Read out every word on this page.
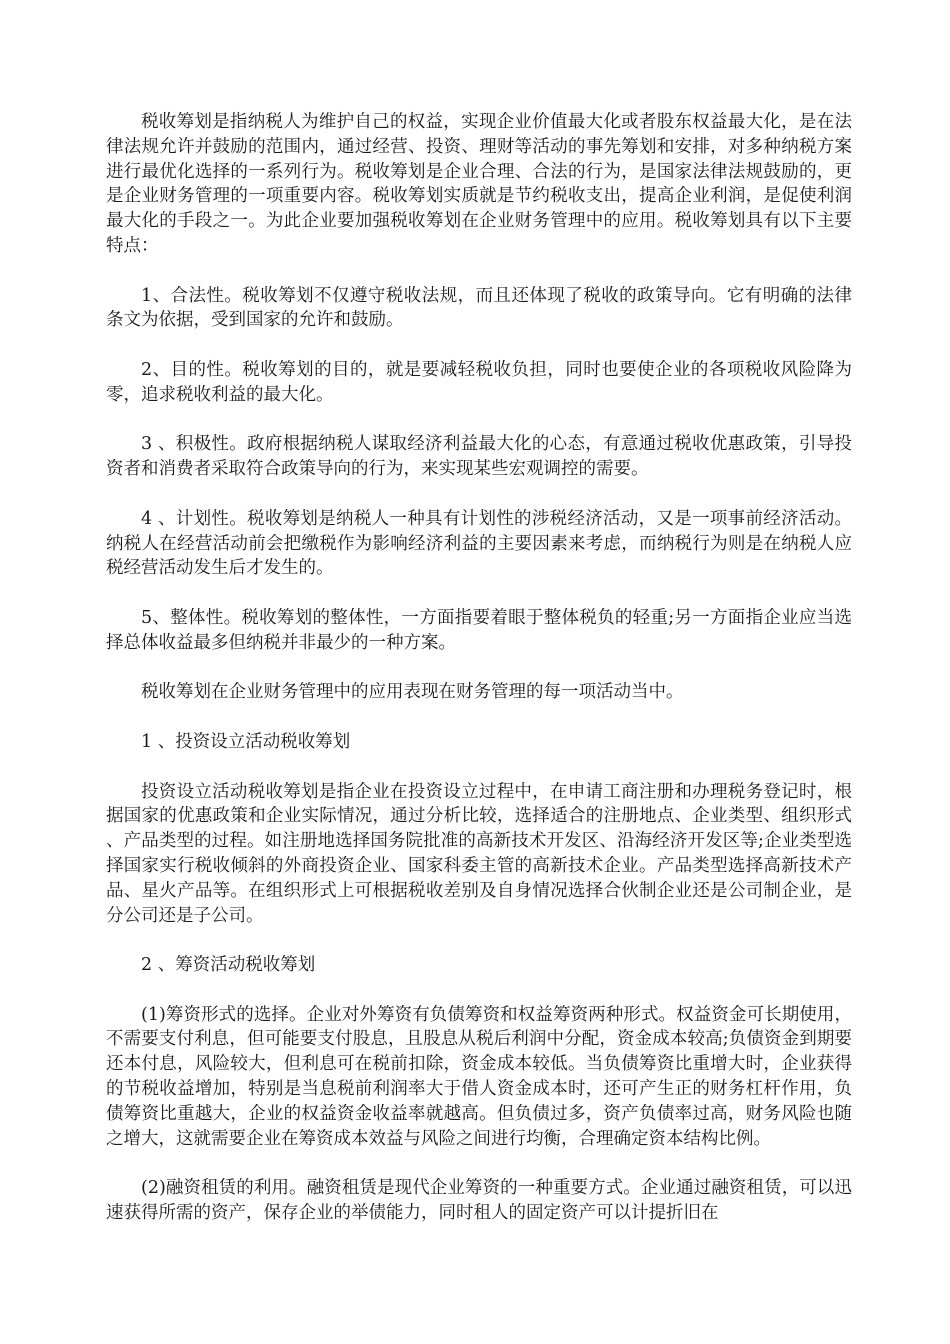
税收筹划是指纳税人为维护自己的权益，实现企业价值最大化或者股东权益最大化，是在法律法规允许并鼓励的范围内，通过经营、投资、理财等活动的事先筹划和安排，对多种纳税方案进行最优化选择的一系列行为。税收筹划是企业合理、合法的行为，是国家法律法规鼓励的，更是企业财务管理的一项重要内容。税收筹划实质就是节约税收支出，提高企业利润，是促使利润最大化的手段之一。为此企业要加强税收筹划在企业财务管理中的应用。税收筹划具有以下主要特点：

1、合法性。税收筹划不仅遵守税收法规，而且还体现了税收的政策导向。它有明确的法律条文为依据，受到国家的允许和鼓励。

2、目的性。税收筹划的目的，就是要减轻税收负担，同时也要使企业的各项税收风险降为零，追求税收利益的最大化。

3 、积极性。政府根据纳税人谋取经济利益最大化的心态，有意通过税收优惠政策，引导投资者和消费者采取符合政策导向的行为，来实现某些宏观调控的需要。

4 、计划性。税收筹划是纳税人一种具有计划性的涉税经济活动，又是一项事前经济活动。纳税人在经营活动前会把缴税作为影响经济利益的主要因素来考虑，而纳税行为则是在纳税人应税经营活动发生后才发生的。

5、整体性。税收筹划的整体性，一方面指要着眼于整体税负的轻重;另一方面指企业应当选择总体收益最多但纳税并非最少的一种方案。

税收筹划在企业财务管理中的应用表现在财务管理的每一项活动当中。

1 、投资设立活动税收筹划

投资设立活动税收筹划是指企业在投资设立过程中，在申请工商注册和办理税务登记时，根据国家的优惠政策和企业实际情况，通过分析比较，选择适合的注册地点、企业类型、组织形式、产品类型的过程。如注册地选择国务院批准的高新技术开发区、沿海经济开发区等;企业类型选择国家实行税收倾斜的外商投资企业、国家科委主管的高新技术企业。产品类型选择高新技术产品、星火产品等。在组织形式上可根据税收差别及自身情况选择合伙制企业还是公司制企业，是分公司还是子公司。

2 、筹资活动税收筹划

(1)筹资形式的选择。企业对外筹资有负债筹资和权益筹资两种形式。权益资金可长期使用，不需要支付利息，但可能要支付股息，且股息从税后利润中分配，资金成本较高;负债资金到期要还本付息，风险较大，但利息可在税前扣除，资金成本较低。当负债筹资比重增大时，企业获得的节税收益增加，特别是当息税前利润率大于借人资金成本时，还可产生正的财务杠杆作用，负债筹资比重越大，企业的权益资金收益率就越高。但负债过多，资产负债率过高，财务风险也随之增大，这就需要企业在筹资成本效益与风险之间进行均衡，合理确定资本结构比例。

(2)融资租赁的利用。融资租赁是现代企业筹资的一种重要方式。企业通过融资租赁，可以迅速获得所需的资产，保存企业的举债能力，同时租人的固定资产可以计提折旧在
